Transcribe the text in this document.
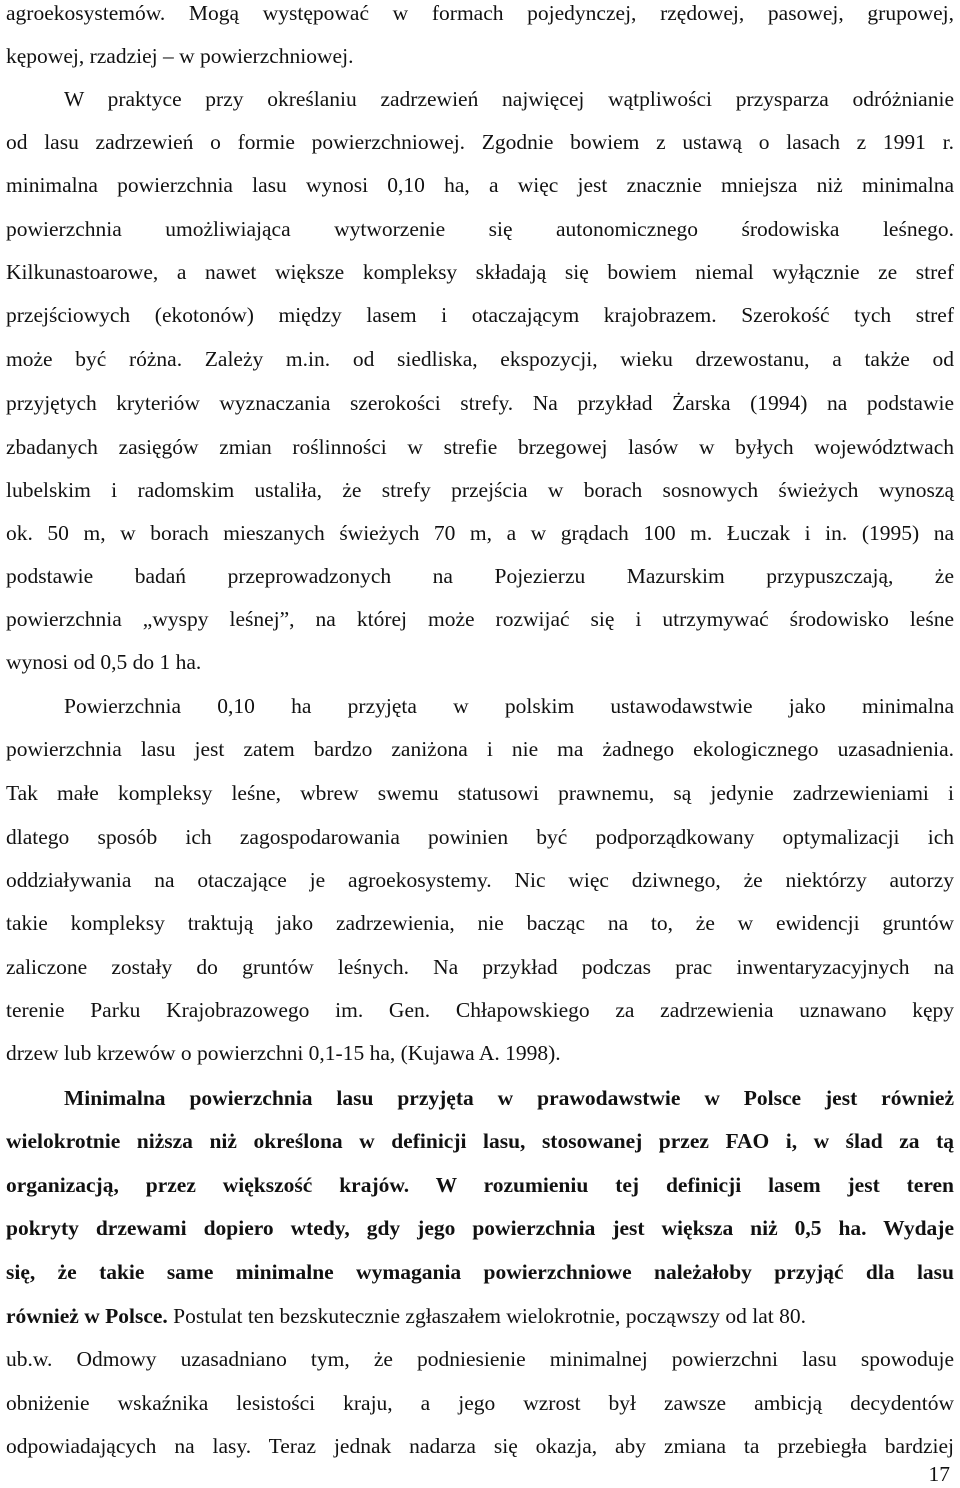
agroekosystemów. Mogą występować w formach pojedynczej, rzędowej, pasowej, grupowej,
kępowej, rzadziej – w powierzchniowej.
W praktyce przy określaniu zadrzewień najwięcej wątpliwości przysparza odróżnianie
od lasu zadrzewień o formie powierzchniowej. Zgodnie bowiem z ustawą o lasach z 1991 r.
minimalna powierzchnia lasu wynosi 0,10 ha, a więc jest znacznie mniejsza niż minimalna
powierzchnia umożliwiająca wytworzenie się autonomicznego środowiska leśnego.
Kilkunastoarowe, a nawet większe kompleksy składają się bowiem niemal wyłącznie ze stref
przejściowych (ekotonów) między lasem i otaczającym krajobrazem. Szerokość tych stref
może być różna. Zależy m.in. od siedliska, ekspozycji, wieku drzewostanu, a także od
przyjętych kryteriów wyznaczania szerokości strefy. Na przykład Żarska (1994) na podstawie
zbadanych zasięgów zmian roślinności w strefie brzegowej lasów w byłych województwach
lubelskim i radomskim ustaliła, że strefy przejścia w borach sosnowych świeżych wynoszą
ok. 50 m, w borach mieszanych świeżych 70 m, a w grądach 100 m. Łuczak i in. (1995) na
podstawie badań przeprowadzonych na Pojezierzu Mazurskim przypuszczają, że
powierzchnia „wyspy leśnej”, na której może rozwijać się i utrzymywać środowisko leśne
wynosi od 0,5 do 1 ha.
Powierzchnia 0,10 ha przyjęta w polskim ustawodawstwie jako minimalna
powierzchnia lasu jest zatem bardzo zaniżona i nie ma żadnego ekologicznego uzasadnienia.
Tak małe kompleksy leśne, wbrew swemu statusowi prawnemu, są jedynie zadrzewieniami i
dlatego sposób ich zagospodarowania powinien być podporządkowany optymalizacji ich
oddziaływania na otaczające je agroekosystemy. Nic więc dziwnego, że niektórzy autorzy
takie kompleksy traktują jako zadrzewienia, nie bacząc na to, że w ewidencji gruntów
zaliczone zostały do gruntów leśnych. Na przykład podczas prac inwentaryzacyjnych na
terenie Parku Krajobrazowego im. Gen. Chłapowskiego za zadrzewienia uznawano kępy
drzew lub krzewów o powierzchni 0,1-15 ha, (Kujawa A. 1998).
Minimalna powierzchnia lasu przyjęta w prawodawstwie w Polsce jest również
wielokrotnie niższa niż określona w definicji lasu, stosowanej przez FAO i, w ślad za tą
organizacją, przez większość krajów. W rozumieniu tej definicji lasem jest teren
pokryty drzewami dopiero wtedy, gdy jego powierzchnia jest większa niż 0,5 ha. Wydaje
się, że takie same minimalne wymagania powierzchniowe należałoby przyjąć dla lasu
również w Polsce. Postulat ten bezskutecznie zgłaszałem wielokrotnie, począwszy od lat 80.
ub.w. Odmowy uzasadniano tym, że podniesienie minimalnej powierzchni lasu spowoduje
obniżenie wskaźnika lesistości kraju, a jego wzrost był zawsze ambicją decydentów
odpowiadających na lasy. Teraz jednak nadarza się okazja, aby zmiana ta przebiegła bardziej
17
